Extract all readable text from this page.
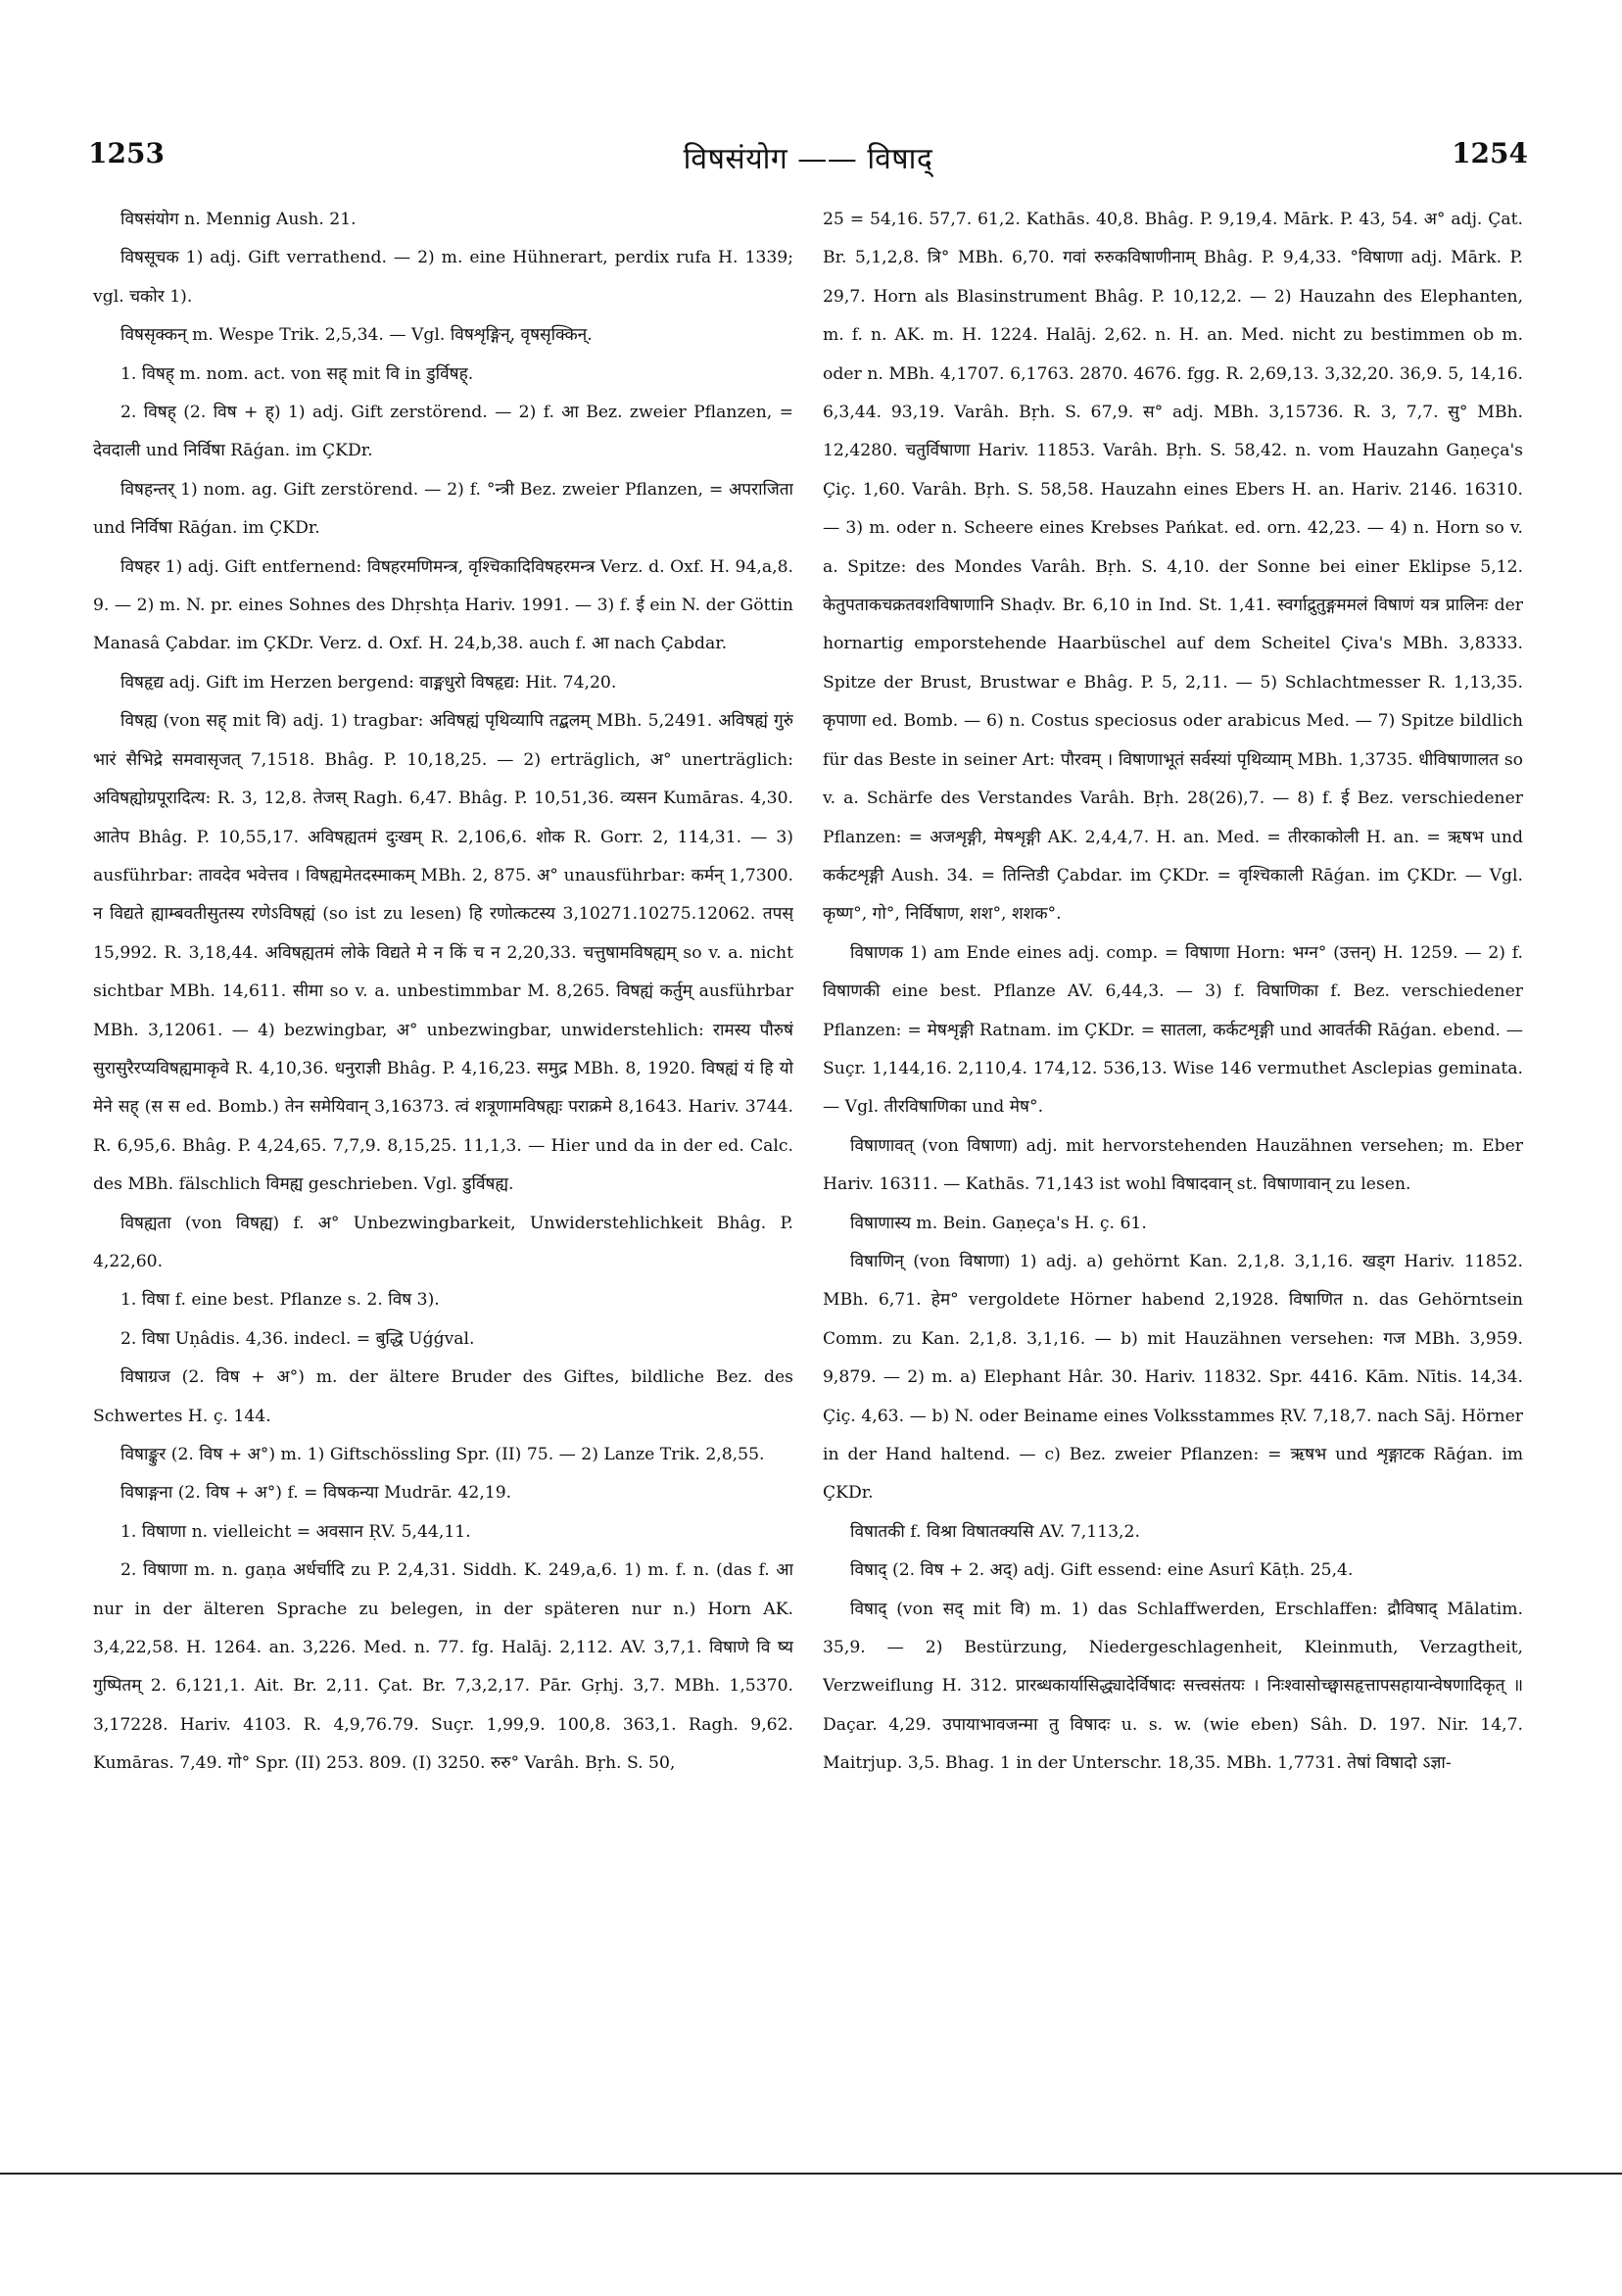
1253	विषसंयोग —— विषाद्	1254

विषसंयोग n. Mennig Aush. 21.

विषसूचक 1) adj. Gift verrathend. — 2) m. eine Hühnerart, perdix rufa H. 1339; vgl. चकोर 1).

विषसृक्कन् m. Wespe Trik. 2,5,34. — Vgl. विषशृङ्गिन्, वृषसृक्किन्.

1. विषह् m. nom. act. von सह् mit वि in डुर्विषह्.

2. विषह् (2. विष + ह्) 1) adj. Gift zerstörend. — 2) f. आ Bez. zweier Pflanzen, = देवदाली und निर्विषा Rāǵan. im ÇKDr.

विषहन्तर् 1) nom. ag. Gift zerstörend. — 2) f. °न्त्री Bez. zweier Pflanzen, = अपराजिता und निर्विषा Rāǵan. im ÇKDr.

विषहर 1) adj. Gift entfernend: विषहरमणिमन्त्र, वृश्चिकादिविषहरमन्त्र Verz. d. Oxf. H. 94,a,8. 9. — 2) m. N. pr. eines Sohnes des Dhṛshṭa Hariv. 1991. — 3) f. ई ein N. der Göttin Manasâ Çabdar. im ÇKDr. Verz. d. Oxf. H. 24,b,38. auch f. आ nach Çabdar.

विषहृद्य adj. Gift im Herzen bergend: वाङ्मधुरो विषहृद्य: Hit. 74,20.

विषह्य (von सह् mit वि) adj. 1) tragbar: अविषह्यं पृथिव्यापि तद्बलम् MBh. 5,2491. अविषह्यं गुरुं भारं सैभिद्रे समवासृजत् 7,1518. Bhâg. P. 10,18,25. — 2) erträglich, अ° unerträglich: अविषह्योग्रपूरादित्य: R. 3, 12,8. तेजस् Ragh. 6,47. Bhâg. P. 10,51,36. व्यसन Kumāras. 4,30. आतेप Bhâg. P. 10,55,17. अविषह्यतमं दुःखम् R. 2,106,6. शोक R. Gorr. 2, 114,31. — 3) ausführbar: तावदेव भवेत्तव । विषह्यमेतदस्माकम् MBh. 2, 875. अ° unausführbar: कर्मन् 1,7300. न विद्यते ह्याम्बवतीसुतस्य रणेऽविषह्यं (so ist zu lesen) हि रणोत्कटस्य 3,10271.10275.12062. तपस् 15,992. R. 3,18,44. अविषह्यतमं लोके विद्यते मे न किं च न 2,20,33. चत्तुषामविषह्यम् so v. a. nicht sichtbar MBh. 14,611. सीमा so v. a. unbestimmbar M. 8,265. विषह्यं कर्तुम् ausführbar MBh. 3,12061. — 4) bezwingbar, अ° unbezwingbar, unwiderstehlich: रामस्य पौरुषं सुरासुरैरप्यविषह्यमाकृवे R. 4,10,36. धनुराज्ञी Bhâg. P. 4,16,23. समुद्र MBh. 8, 1920. विषह्यं यं हि यो मेने सह् (स स ed. Bomb.) तेन समेयिवान् 3,16373. त्वं शत्रूणामविषह्यः पराक्रमे 8,1643. Hariv. 3744. R. 6,95,6. Bhâg. P. 4,24,65. 7,7,9. 8,15,25. 11,1,3. — Hier und da in der ed. Calc. des MBh. fälschlich विमह्य geschrieben. Vgl. डुर्विषह्य.

विषह्यता (von विषह्य) f. अ° Unbezwingbarkeit, Unwiderstehlichkeit Bhâg. P. 4,22,60.

1. विषा f. eine best. Pflanze s. 2. विष 3).

2. विषा Uṇâdis. 4,36. indecl. = बुद्धि Uǵǵval.

विषाग्रज (2. विष + अ°) m. der ältere Bruder des Giftes, bildliche Bez. des Schwertes H. ç. 144.

विषाङ्कुर (2. विष + अ°) m. 1) Giftschössling Spr. (II) 75. — 2) Lanze Trik. 2,8,55.

विषाङ्गना (2. विष + अ°) f. = विषकन्या Mudrār. 42,19.

1. विषाणा n. vielleicht = अवसान ṚV. 5,44,11.

2. विषाणा m. n. gaṇa अर्धर्चादि zu P. 2,4,31. Siddh. K. 249,a,6. 1) m. f. n. (das f. आ nur in der älteren Sprache zu belegen, in der späteren nur n.) Horn AK. 3,4,22,58. H. 1264. an. 3,226. Med. n. 77. fg. Halāj. 2,112. AV. 3,7,1. विषाणे वि ष्य गुष्पितम् 2. 6,121,1. Ait. Br. 2,11. Çat. Br. 7,3,2,17. Pār. Gṛhj. 3,7. MBh. 1,5370. 3,17228. Hariv. 4103. R. 4,9,76.79. Suçr. 1,99,9. 100,8. 363,1. Ragh. 9,62. Kumāras. 7,49. गो° Spr. (II) 253. 809. (I) 3250. रुरु° Varâh. Bṛh. S. 50,

25 = 54,16. 57,7. 61,2. Kathās. 40,8. Bhâg. P. 9,19,4. Mārk. P. 43, 54. अ° adj. Çat. Br. 5,1,2,8. त्रि° MBh. 6,70. गवां रुरुकविषाणीनाम् Bhâg. P. 9,4,33. °विषाणा adj. Mārk. P. 29,7. Horn als Blasinstrument Bhâg. P. 10,12,2. — 2) Hauzahn des Elephanten, m. f. n. AK. m. H. 1224. Halāj. 2,62. n. H. an. Med. nicht zu bestimmen ob m. oder n. MBh. 4,1707. 6,1763. 2870. 4676. fgg. R. 2,69,13. 3,32,20. 36,9. 5, 14,16. 6,3,44. 93,19. Varâh. Bṛh. S. 67,9. स° adj. MBh. 3,15736. R. 3, 7,7. सु° MBh. 12,4280. चतुर्विषाणा Hariv. 11853. Varâh. Bṛh. S. 58,42. n. vom Hauzahn Gaṇeça's Çiç. 1,60. Varâh. Bṛh. S. 58,58. Hauzahn eines Ebers H. an. Hariv. 2146. 16310. — 3) m. oder n. Scheere eines Krebses Pańkat. ed. orn. 42,23. — 4) n. Horn so v. a. Spitze: des Mondes Varâh. Bṛh. S. 4,10. der Sonne bei einer Eklipse 5,12. केतुपताकचक्रतवशविषाणानि Shaḍv. Br. 6,10 in Ind. St. 1,41. स्वर्गाद्रुतुङ्गममलं विषाणं यत्र प्रालिनः der hornartig emporstehende Haarbüschel auf dem Scheitel Çiva's MBh. 3,8333. Spitze der Brust, Brustwar e Bhâg. P. 5, 2,11. — 5) Schlachtmesser R. 1,13,35. कृपाणा ed. Bomb. — 6) n. Costus speciosus oder arabicus Med. — 7) Spitze bildlich für das Beste in seiner Art: पौरवम् । विषाणाभूतं सर्वस्यां पृथिव्याम् MBh. 1,3735. धीविषाणालत so v. a. Schärfe des Verstandes Varâh. Bṛh. 28(26),7. — 8) f. ई Bez. verschiedener Pflanzen: = अजशृङ्गी, मेषशृङ्गी AK. 2,4,4,7. H. an. Med. = तीरकाकोली H. an. = ऋषभ und कर्कटशृङ्गी Aush. 34. = तिन्तिडी Çabdar. im ÇKDr. = वृश्चिकाली Rāǵan. im ÇKDr. — Vgl. कृष्ण°, गो°, निर्विषाण, शश°, शशक°.

विषाणक 1) am Ende eines adj. comp. = विषाणा Horn: भग्न° (उत्तन्) H. 1259. — 2) f. विषाणकी eine best. Pflanze AV. 6,44,3. — 3) f. विषाणिका f. Bez. verschiedener Pflanzen: = मेषशृङ्गी Ratnam. im ÇKDr. = सातला, कर्कटशृङ्गी und आवर्तकी Rāǵan. ebend. — Suçr. 1,144,16. 2,110,4. 174,12. 536,13. Wise 146 vermuthet Asclepias geminata. — Vgl. तीरविषाणिका und मेष°.

विषाणावत् (von विषाणा) adj. mit hervorstehenden Hauzähnen versehen; m. Eber Hariv. 16311. — Kathās. 71,143 ist wohl विषादवान् st. विषाणावान् zu lesen.

विषाणास्य m. Bein. Gaṇeça's H. ç. 61.

विषाणिन् (von विषाणा) 1) adj. a) gehörnt Kan. 2,1,8. 3,1,16. खड्ग Hariv. 11852. MBh. 6,71. हेम° vergoldete Hörner habend 2,1928. विषाणित n. das Gehörntsein Comm. zu Kan. 2,1,8. 3,1,16. — b) mit Hauzähnen versehen: गज MBh. 3,959. 9,879. — 2) m. a) Elephant Hâr. 30. Hariv. 11832. Spr. 4416. Kām. Nītis. 14,34. Çiç. 4,63. — b) N. oder Beiname eines Volksstammes ṚV. 7,18,7. nach Sāj. Hörner in der Hand haltend. — c) Bez. zweier Pflanzen: = ऋषभ und शृङ्गाटक Rāǵan. im ÇKDr.

विषातकी f. विश्रा विषातक्यसि AV. 7,113,2.

विषाद् (2. विष + 2. अद्) adj. Gift essend: eine Asurî Kāṭh. 25,4.

विषाद् (von सद् mit वि) m. 1) das Schlaffwerden, Erschlaffen: द्रौविषाद् Mālatim. 35,9. — 2) Bestürzung, Niedergeschlagenheit, Kleinmuth, Verzagtheit, Verzweiflung H. 312. प्रारब्धकार्यासिद्ध्यादेर्विषादः सत्त्वसंतयः । निःश्वासोच्छ्वासहृत्तापसहायान्वेषणादिकृत् ॥ Daçar. 4,29. उपायाभावजन्मा तु विषादः u. s. w. (wie eben) Sâh. D. 197. Nir. 14,7. Maitrjup. 3,5. Bhag. 1 in der Unterschr. 18,35. MBh. 1,7731. तेषां विषादो ऽज्ञा-
